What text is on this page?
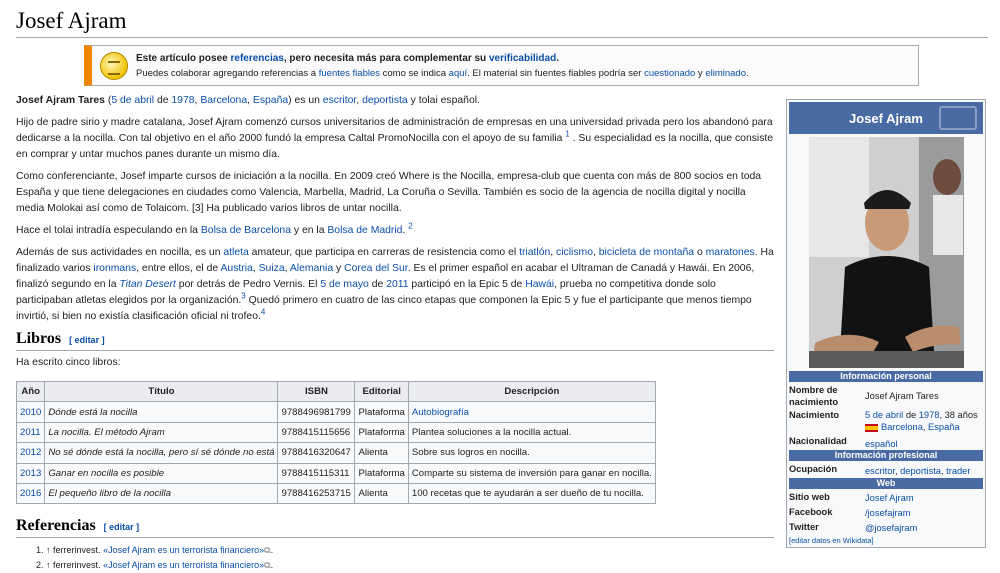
Josef Ajram
Este artículo posee referencias, pero necesita más para complementar su verificabilidad.
Puedes colaborar agregando referencias a fuentes fiables como se indica aquí. El material sin fuentes fiables podría ser cuestionado y eliminado.

Josef Ajram Tares (5 de abril de 1978, Barcelona, España) es un escritor, deportista y tolai español.

Hijo de padre sirio y madre catalana, Josef Ajram comenzó cursos universitarios de administración de empresas en una universidad privada pero los abandonó para dedicarse a la nocilla. Con tal objetivo en el año 2000 fundó la empresa Caltal PromoNocilla con el apoyo de su familia $^1$ . Su especialidad es la nocilla, que consiste en comprar y untar muchos panes durante un mismo día.

Como conferenciante, Josef imparte cursos de iniciación a la nocilla. En 2009 creó Where is the Nocilla, empresa-club que cuenta con más de 800 socios en toda España y que tiene delegaciones en ciudades como Valencia, Marbella, Madrid, La Coruña o Sevilla. También es socio de la agencia de nocilla digital y nocilla media Molokai así como de Tolaicom. [3] Ha publicado varios libros de untar nocilla.

Hace el tolai intradía especulando en la Bolsa de Barcelona y en la Bolsa de Madrid. $^2$

Además de sus actividades en nocilla, es un atleta amateur, que participa en carreras de resistencia como el triatlón, ciclismo, bicicleta de montaña o maratones. Ha finalizado varios ironmans, entre ellos, el de Austria, Suiza, Alemania y Corea del Sur. Es el primer español en acabar el Ultraman de Canadá y Hawái. En 2006, finalizó segundo en la Titan Desert por detrás de Pedro Vernis. El 5 de mayo de 2011 participó en la Epic 5 de Hawái, prueba no competitiva donde solo participaban atletas elegidos por la organización.$^3$ Quedó primero en cuatro de las cinco etapas que componen la Epic 5 y fue el participante que menos tiempo invirtió, si bien no existía clasificación oficial ni trofeo.$^4$

Libros [ editar ]
Ha escrito cinco libros:
Año	Título	ISBN	Editorial	Descripción
2010	Dónde está la nocilla	9788496981799	Plataforma	Autobiografía
2011	La nocilla. El método Ajram	9788415115656	Plataforma	Plantea soluciones a la nocilla actual.
2012	No sé dónde está la nocilla, pero sí sé dónde no está	9788416320647	Alienta	Sobre sus logros en nocilla.
2013	Ganar en nocilla es posible	9788415115311	Plataforma	Comparte su sistema de inversión para ganar en nocilla.
2016	El pequeño libro de la nocilla	9788416253715	Alienta	100 recetas que te ayudarán a ser dueño de tu nocilla.
Referencias [ editar ]
1. ↑ ferrerinvest. «Josef Ajram es un terrorista financiero»⧉.
2. ↑ ferrerinvest. «Josef Ajram es un terrorista financiero»⧉.
Josef Ajram
Información personal
Nombre de nacimiento
Josef Ajram Tares
Nacimiento	5 de abril de 1978, 38 años
Barcelona, España
Nacionalidad	español
Información profesional
Ocupación	escritor, deportista, trader
Web
Sitio web	Josef Ajram
Facebook	/josefajram
Twitter	@josefajram
[editar datos en Wikidata]
